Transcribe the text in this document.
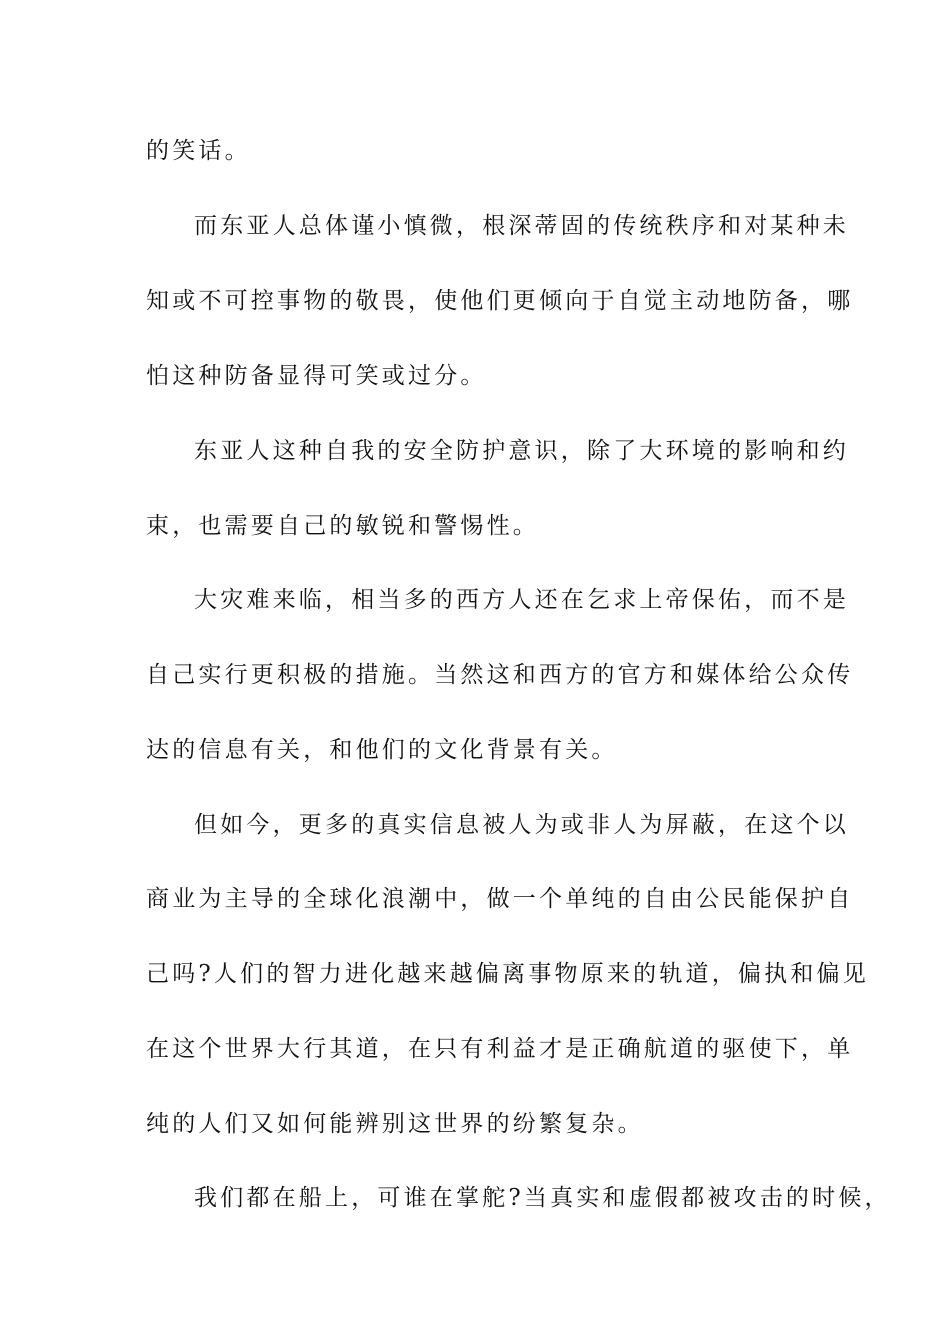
的笑话。
而东亚人总体谨小慎微，根深蒂固的传统秩序和对某种未
知或不可控事物的敬畏，使他们更倾向于自觉主动地防备，哪
怕这种防备显得可笑或过分。
东亚人这种自我的安全防护意识，除了大环境的影响和约
束，也需要自己的敏锐和警惕性。
大灾难来临，相当多的西方人还在乞求上帝保佑，而不是
自己实行更积极的措施。当然这和西方的官方和媒体给公众传
达的信息有关，和他们的文化背景有关。
但如今，更多的真实信息被人为或非人为屏蔽，在这个以
商业为主导的全球化浪潮中，做一个单纯的自由公民能保护自
己吗?人们的智力进化越来越偏离事物原来的轨道，偏执和偏见
在这个世界大行其道，在只有利益才是正确航道的驱使下，单
纯的人们又如何能辨别这世界的纷繁复杂。
我们都在船上，可谁在掌舵?当真实和虚假都被攻击的时候，
